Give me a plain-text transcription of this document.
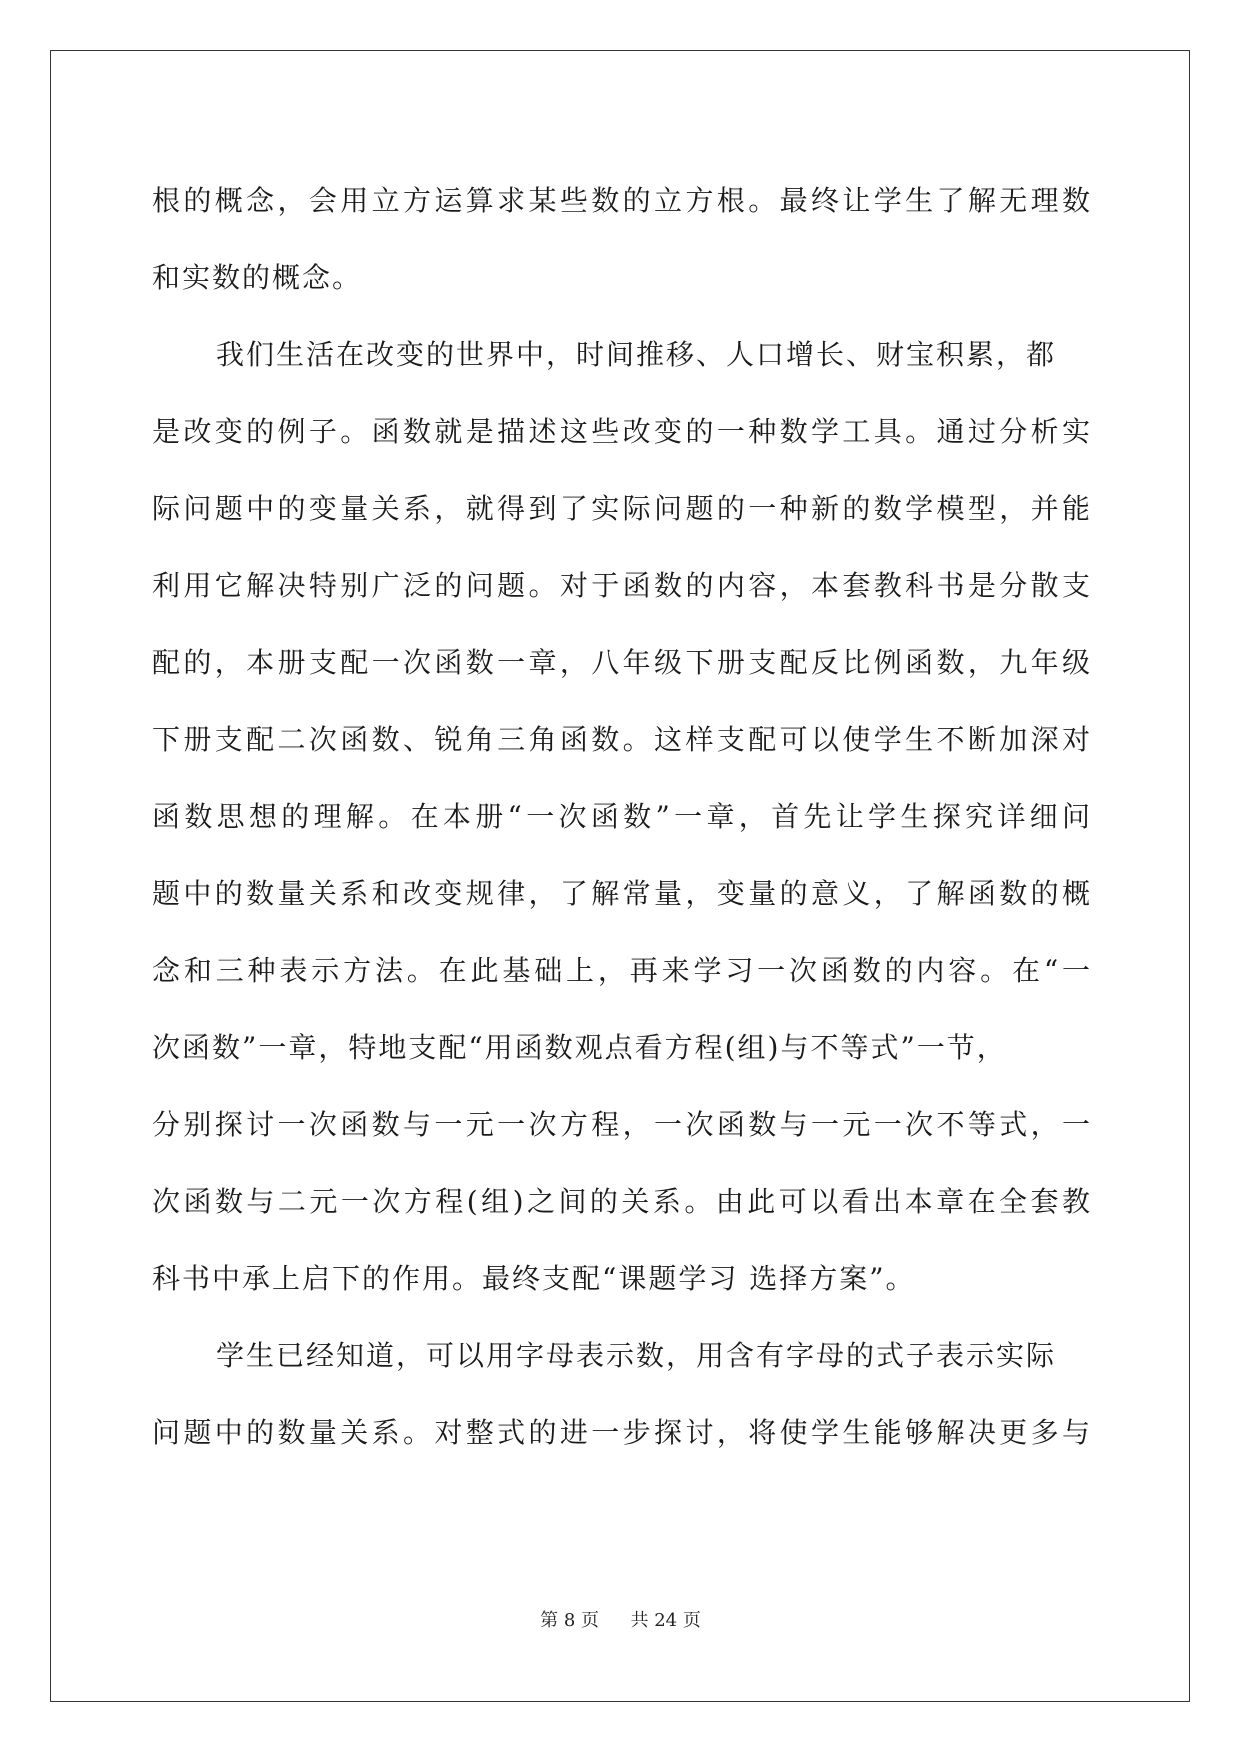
根的概念，会用立方运算求某些数的立方根。最终让学生了解无理数
和实数的概念。
我们生活在改变的世界中，时间推移、人口增长、财宝积累，都
是改变的例子。函数就是描述这些改变的一种数学工具。通过分析实
际问题中的变量关系，就得到了实际问题的一种新的数学模型，并能
利用它解决特别广泛的问题。对于函数的内容，本套教科书是分散支
配的，本册支配一次函数一章，八年级下册支配反比例函数，九年级
下册支配二次函数、锐角三角函数。这样支配可以使学生不断加深对
函数思想的理解。在本册“一次函数”一章，首先让学生探究详细问
题中的数量关系和改变规律，了解常量，变量的意义，了解函数的概
念和三种表示方法。在此基础上，再来学习一次函数的内容。在“一
次函数”一章，特地支配“用函数观点看方程(组)与不等式”一节，
分别探讨一次函数与一元一次方程，一次函数与一元一次不等式，一
次函数与二元一次方程(组)之间的关系。由此可以看出本章在全套教
科书中承上启下的作用。最终支配“课题学习 选择方案”。
学生已经知道，可以用字母表示数，用含有字母的式子表示实际
问题中的数量关系。对整式的进一步探讨，将使学生能够解决更多与
第 8 页 共 24 页
